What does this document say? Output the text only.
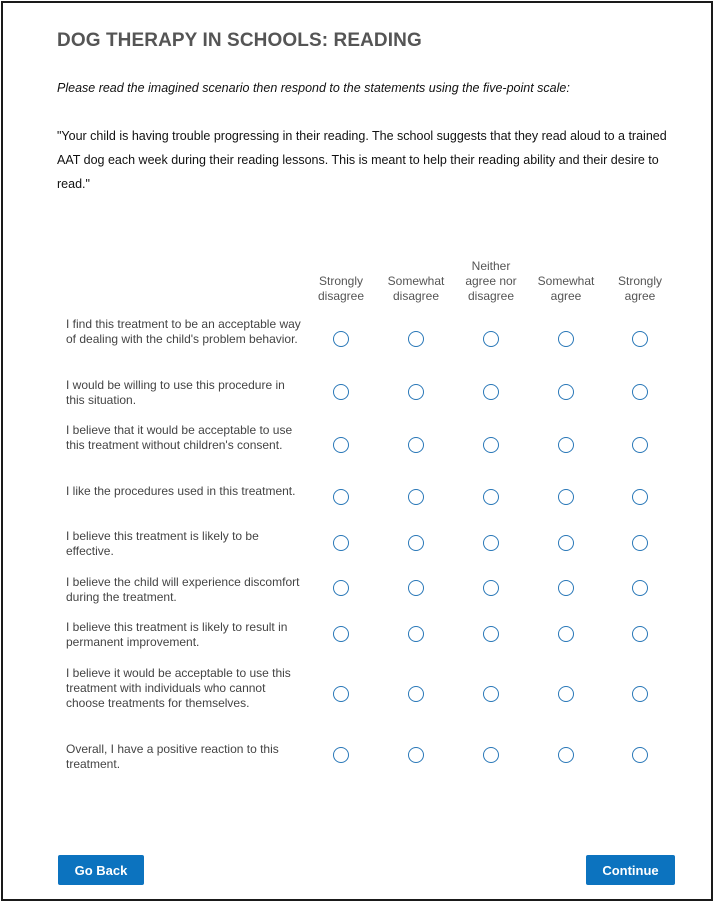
DOG THERAPY IN SCHOOLS: READING
Please read the imagined scenario then respond to the statements using the five-point scale:
"Your child is having trouble progressing in their reading. The school suggests that they read aloud to a trained AAT dog each week during their reading lessons. This is meant to help their reading ability and their desire to read."
Strongly disagree
Somewhat disagree
Neither agree nor disagree
Somewhat agree
Strongly agree
I find this treatment to be an acceptable way of dealing with the child's problem behavior.
I would be willing to use this procedure in this situation.
I believe that it would be acceptable to use this treatment without children's consent.
I like the procedures used in this treatment.
I believe this treatment is likely to be effective.
I believe the child will experience discomfort during the treatment.
I believe this treatment is likely to result in permanent improvement.
I believe it would be acceptable to use this treatment with individuals who cannot choose treatments for themselves.
Overall, I have a positive reaction to this treatment.
Go Back	Continue
